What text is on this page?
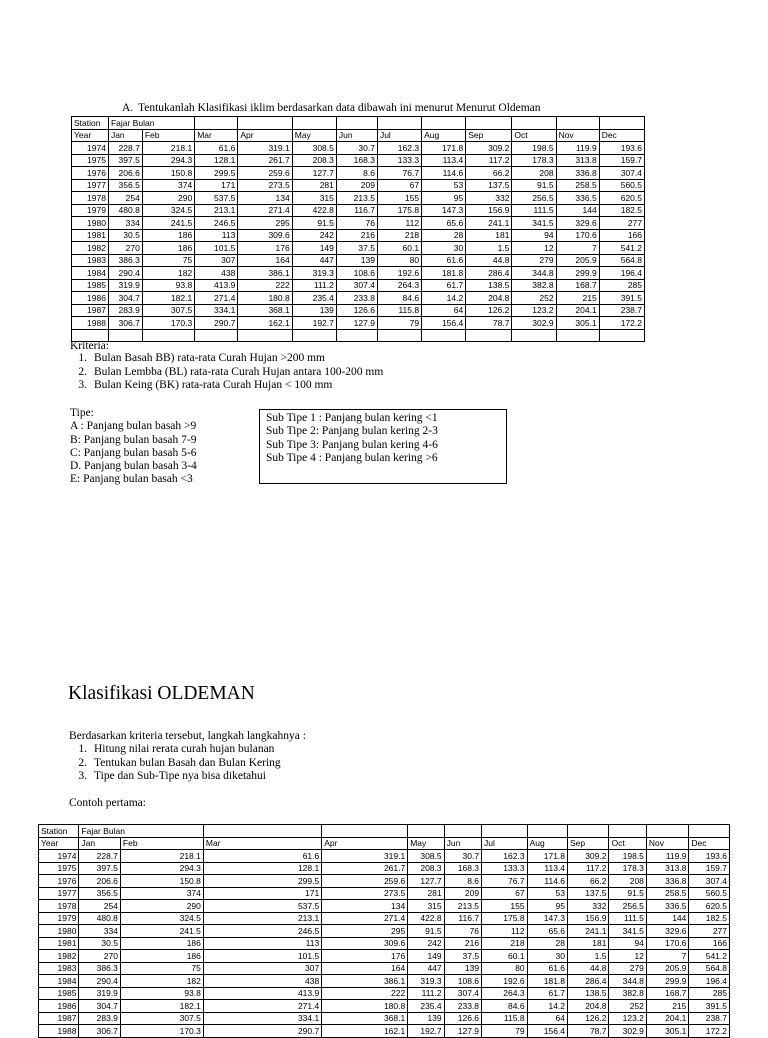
A. Tentukanlah Klasifikasi iklim berdasarkan data dibawah ini menurut Menurut Oldeman
Station	Fajar Bulan											
Year	Jan	Feb	Mar	Apr	May	Jun	Jul	Aug	Sep	Oct	Nov	Dec
1974	228.7	218.1	61.6	319.1	308.5	30.7	162.3	171.8	309.2	198.5	119.9	193.6
1975	397.5	294.3	128.1	261.7	208.3	168.3	133.3	113.4	117.2	178.3	313.8	159.7
1976	206.6	150.8	299.5	259.6	127.7	8.6	76.7	114.6	66.2	208	336.8	307.4
1977	356.5	374	171	273.5	281	209	67	53	137.5	91.5	258.5	560.5
1978	254	290	537.5	134	315	213.5	155	95	332	256.5	336.5	620.5
1979	480.8	324.5	213.1	271.4	422.8	116.7	175.8	147.3	156.9	111.5	144	182.5
1980	334	241.5	246.5	295	91.5	76	112	65.6	241.1	341.5	329.6	277
1981	30.5	186	113	309.6	242	216	218	28	181	94	170.6	166
1982	270	186	101.5	176	149	37.5	60.1	30	1.5	12	7	541.2
1983	386.3	75	307	164	447	139	80	61.6	44.8	279	205.9	564.8
1984	290.4	182	438	386.1	319.3	108.6	192.6	181.8	286.4	344.8	299.9	196.4
1985	319.9	93.8	413.9	222	111.2	307.4	264.3	61.7	138.5	382.8	168.7	285
1986	304.7	182.1	271.4	180.8	235.4	233.8	84.6	14.2	204.8	252	215	391.5
1987	283.9	307.5	334.1	368.1	139	126.6	115.8	64	126.2	123.2	204.1	238.7
1988	306.7	170.3	290.7	162.1	192.7	127.9	79	156.4	78.7	302.9	305.1	172.2

Kriteria:
1. Bulan Basah BB) rata-rata Curah Hujan >200 mm
2. Bulan Lembba (BL) rata-rata Curah Hujan antara 100-200 mm
3. Bulan Keing (BK) rata-rata Curah Hujan < 100 mm
Tipe:
A : Panjang bulan basah >9
B: Panjang bulan basah 7-9
C: Panjang bulan basah 5-6
D. Panjang bulan basah 3-4
E: Panjang bulan basah <3
Sub Tipe 1 : Panjang bulan kering <1
Sub Tipe 2: Panjang bulan kering 2-3
Sub Tipe 3: Panjang bulan kering 4-6
Sub Tipe 4 : Panjang bulan kering >6
Klasifikasi OLDEMAN
Berdasarkan kriteria tersebut, langkah langkahnya :
1. Hitung nilai rerata curah hujan bulanan
2. Tentukan bulan Basah dan Bulan Kering
3. Tipe dan Sub-Tipe nya bisa diketahui
Contoh pertama:
Station	Fajar Bulan											
Year	Jan	Feb	Mar	Apr	May	Jun	Jul	Aug	Sep	Oct	Nov	Dec
1974	228.7	218.1	61.6	319.1	308.5	30.7	162.3	171.8	309.2	198.5	119.9	193.6
1975	397.5	294.3	128.1	261.7	208.3	168.3	133.3	113.4	117.2	178.3	313.8	159.7
1976	206.6	150.8	299.5	259.6	127.7	8.6	76.7	114.6	66.2	208	336.8	307.4
1977	356.5	374	171	273.5	281	209	67	53	137.5	91.5	258.5	560.5
1978	254	290	537.5	134	315	213.5	155	95	332	256.5	336.5	620.5
1979	480.8	324.5	213.1	271.4	422.8	116.7	175.8	147.3	156.9	111.5	144	182.5
1980	334	241.5	246.5	295	91.5	76	112	65.6	241.1	341.5	329.6	277
1981	30.5	186	113	309.6	242	216	218	28	181	94	170.6	166
1982	270	186	101.5	176	149	37.5	60.1	30	1.5	12	7	541.2
1983	386.3	75	307	164	447	139	80	61.6	44.8	279	205.9	564.8
1984	290.4	182	438	386.1	319.3	108.6	192.6	181.8	286.4	344.8	299.9	196.4
1985	319.9	93.8	413.9	222	111.2	307.4	264.3	61.7	138.5	382.8	168.7	285
1986	304.7	182.1	271.4	180.8	235.4	233.8	84.6	14.2	204.8	252	215	391.5
1987	283.9	307.5	334.1	368.1	139	126.6	115.8	64	126.2	123.2	204.1	238.7
1988	306.7	170.3	290.7	162.1	192.7	127.9	79	156.4	78.7	302.9	305.1	172.2
